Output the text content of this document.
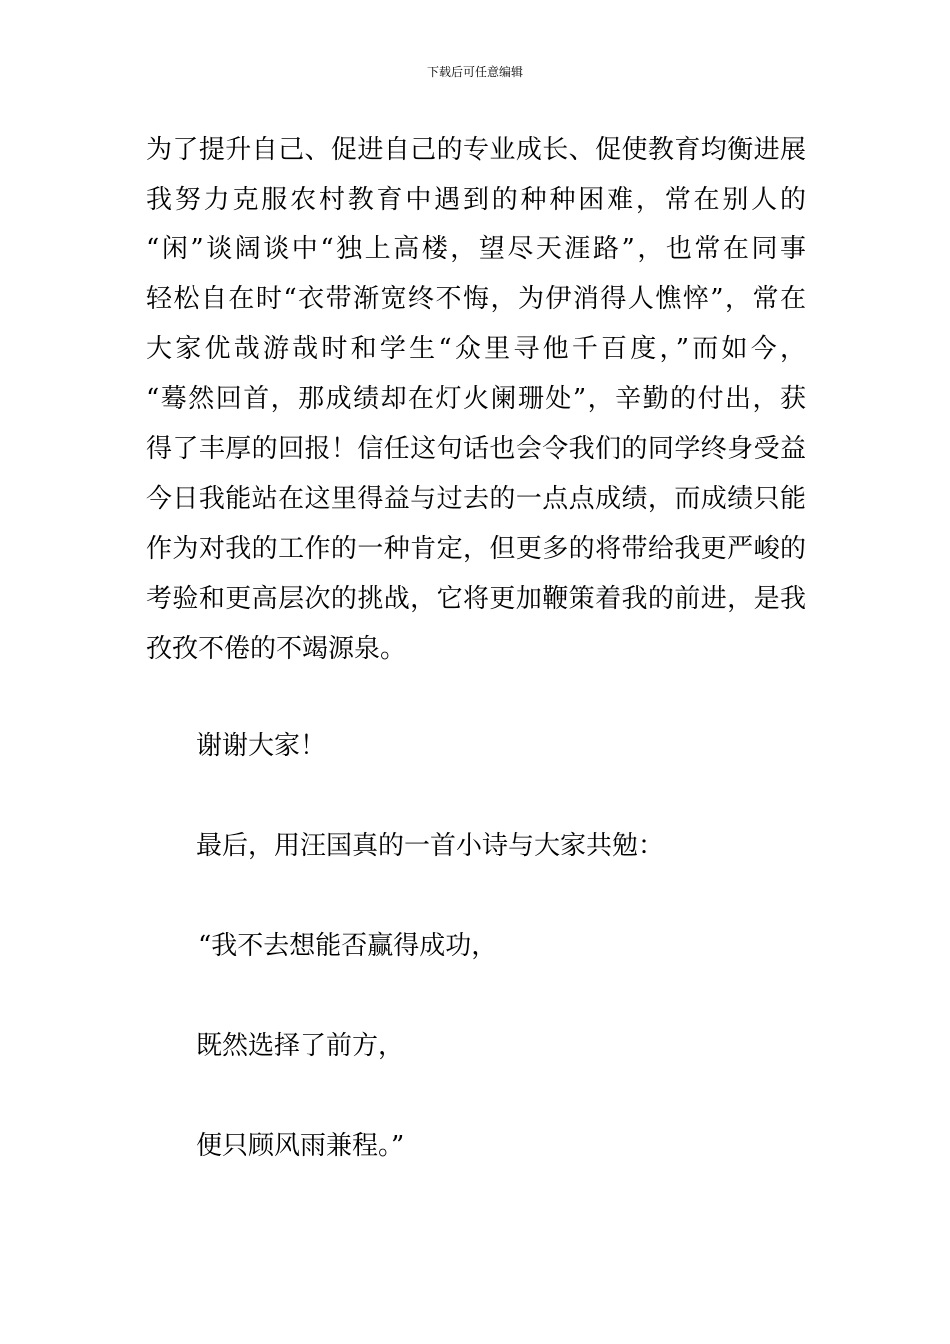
下载后可任意编辑
为了提升自己、促进自己的专业成长、促使教育均衡进展
我努力克服农村教育中遇到的种种困难，常在别人的
“闲”谈阔谈中“独上高楼，望尽天涯路”，也常在同事
轻松自在时“衣带渐宽终不悔，为伊消得人憔悴”，常在
大家优哉游哉时和学生“众里寻他千百度，”而如今，
“蓦然回首，那成绩却在灯火阑珊处”，辛勤的付出，获
得了丰厚的回报！信任这句话也会令我们的同学终身受益
今日我能站在这里得益与过去的一点点成绩，而成绩只能
作为对我的工作的一种肯定，但更多的将带给我更严峻的
考验和更高层次的挑战，它将更加鞭策着我的前进，是我
孜孜不倦的不竭源泉。
谢谢大家！
最后，用汪国真的一首小诗与大家共勉：
“我不去想能否赢得成功，
既然选择了前方，
便只顾风雨兼程。”
